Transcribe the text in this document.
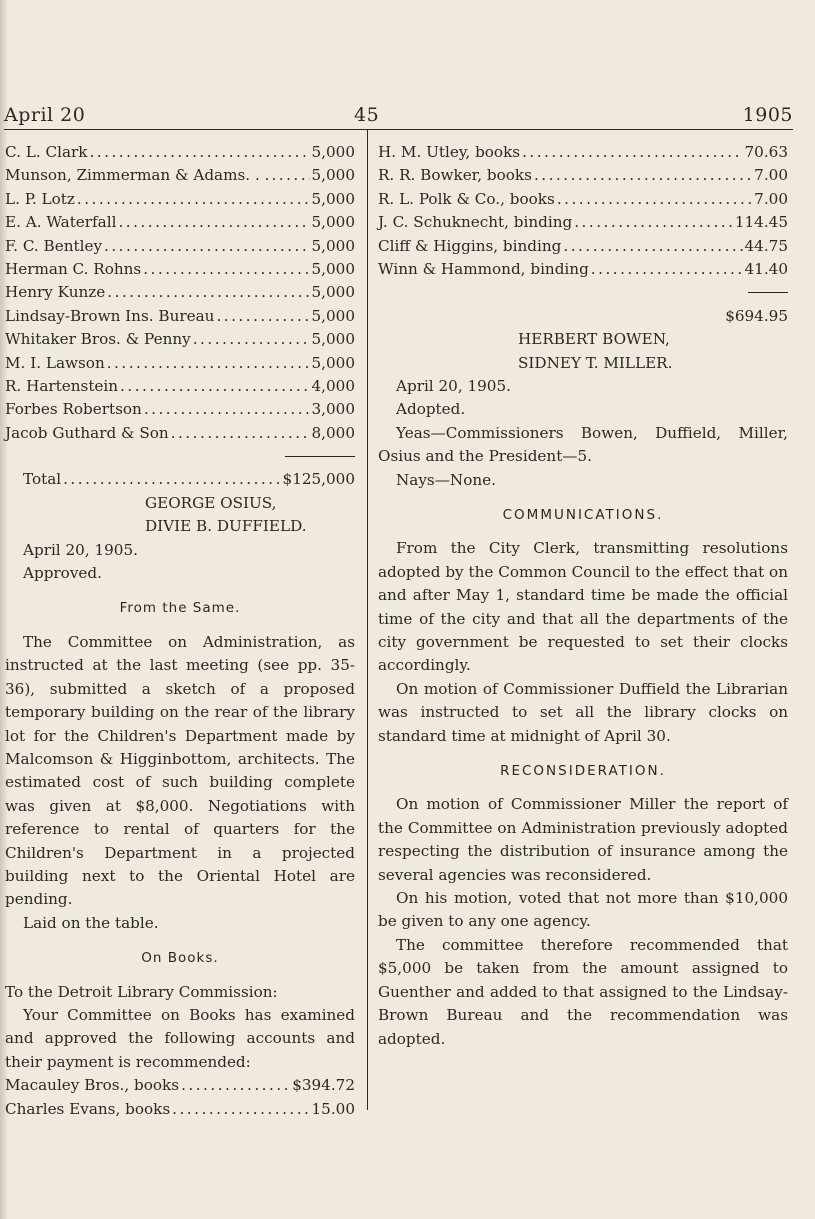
April 20	45	1905
C. L. Clark .....	5,000
Munson, Zimmerman & Adams. . . .....	5,000
L. P. Lotz .....	5,000
E. A. Waterfall .....	5,000
F. C. Bentley .....	5,000
Herman C. Rohns .....	5,000
Henry Kunze .....	5,000
Lindsay-Brown Ins. Bureau .....	5,000
Whitaker Bros. & Penny .....	5,000
M. I. Lawson .....	5,000
R. Hartenstein .....	4,000
Forbes Robertson .....	3,000
Jacob Guthard & Son .....	8,000
Total .....	$125,000
GEORGE OSIUS,
DIVIE B. DUFFIELD.
April 20, 1905.
Approved.
From the Same.
The Committee on Administration, as instructed at the last meeting (see pp. 35-36), submitted a sketch of a proposed temporary building on the rear of the library lot for the Children's Department made by Malcomson & Higginbottom, architects. The estimated cost of such building complete was given at $8,000. Negotiations with reference to rental of quarters for the Children's Department in a projected building next to the Oriental Hotel are pending.
Laid on the table.
On Books.
To the Detroit Library Commission:
Your Committee on Books has examined and approved the following accounts and their payment is recommended:
Macauley Bros., books .....	$394.72
Charles Evans, books .....	15.00
H. M. Utley, books .....	70.63
R. R. Bowker, books .....	7.00
R. L. Polk & Co., books .....	7.00
J. C. Schuknecht, binding .....	114.45
Cliff & Higgins, binding .....	44.75
Winn & Hammond, binding .....	41.40
$694.95
HERBERT BOWEN,
SIDNEY T. MILLER.
April 20, 1905.
Adopted.
Yeas—Commissioners Bowen, Duffield, Miller, Osius and the President—5.
Nays—None.
COMMUNICATIONS.
From the City Clerk, transmitting resolutions adopted by the Common Council to the effect that on and after May 1, standard time be made the official time of the city and that all the departments of the city government be requested to set their clocks accordingly.
On motion of Commissioner Duffield the Librarian was instructed to set all the library clocks on standard time at midnight of April 30.
RECONSIDERATION.
On motion of Commissioner Miller the report of the Committee on Administration previously adopted respecting the distribution of insurance among the several agencies was reconsidered.
On his motion, voted that not more than $10,000 be given to any one agency.
The committee therefore recommended that $5,000 be taken from the amount assigned to Guenther and added to that assigned to the Lindsay-Brown Bureau and the recommendation was adopted.
